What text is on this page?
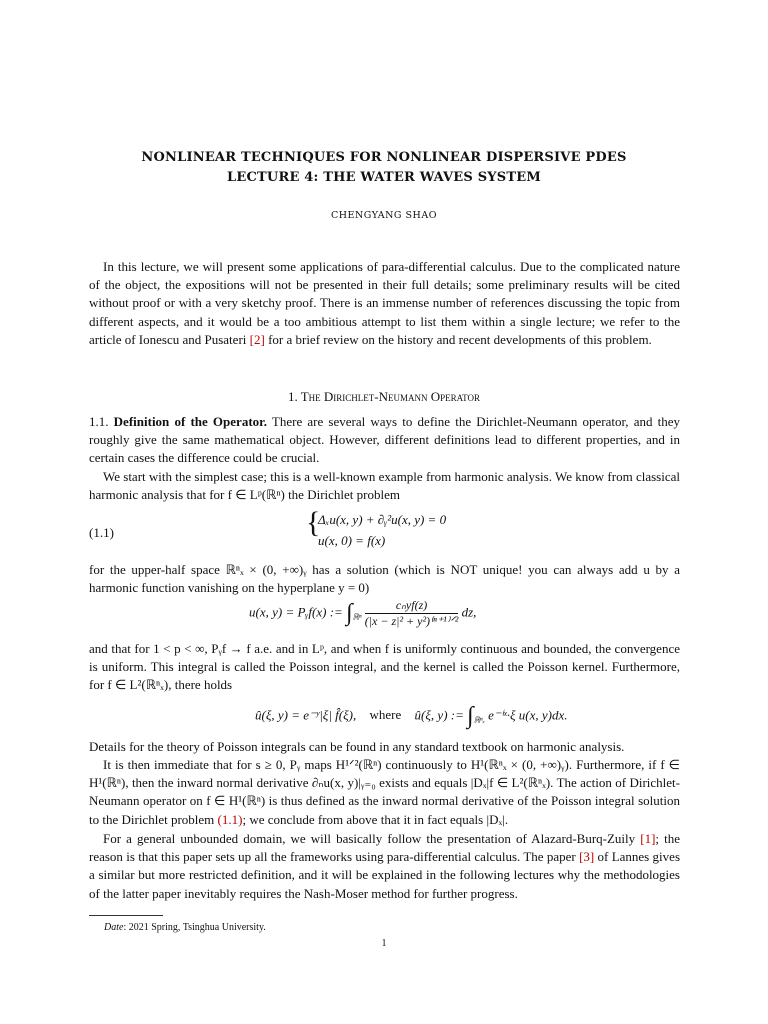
NONLINEAR TECHNIQUES FOR NONLINEAR DISPERSIVE PDES
LECTURE 4: THE WATER WAVES SYSTEM
CHENGYANG SHAO
In this lecture, we will present some applications of para-differential calculus. Due to the complicated nature of the object, the expositions will not be presented in their full details; some preliminary results will be cited without proof or with a very sketchy proof. There is an immense number of references discussing the topic from different aspects, and it would be a too ambitious attempt to list them within a single lecture; we refer to the article of Ionescu and Pusateri [2] for a brief review on the history and recent developments of this problem.
1. The Dirichlet-Neumann Operator
1.1. Definition of the Operator. There are several ways to define the Dirichlet-Neumann operator, and they roughly give the same mathematical object. However, different definitions lead to different properties, and in certain cases the difference could be crucial.
We start with the simplest case; this is a well-known example from harmonic analysis. We know from classical harmonic analysis that for f ∈ Lᵖ(ℝⁿ) the Dirichlet problem
(1.1)	{
Δₓu(x, y) + ∂ᵧ²u(x, y) = 0
u(x, 0) = f(x)
for the upper-half space ℝⁿₓ × (0, +∞)ᵧ has a solution (which is NOT unique! you can always add u by a harmonic function vanishing on the hyperplane y = 0)
u(x, y) = Pᵧf(x) := $\int_{ℝ^n} \frac{\text{cₙyf(z)}}{\text{(|x − z|² + y²)⁽ⁿ⁺¹⁾ᐟ²}}$ dz,
and that for 1 < p < ∞, Pᵧf → f a.e. and in Lᵖ, and when f is uniformly continuous and bounded, the convergence is uniform. This integral is called the Poisson integral, and the kernel is called the Poisson kernel. Furthermore, for f ∈ L²(ℝⁿₓ), there holds
û(ξ, y) = e⁻ʸ|ξ| f̂(ξ), where û(ξ, y) := $\int_{ℝ^n_x}$ e⁻ⁱˣ·ξ u(x, y)dx.
Details for the theory of Poisson integrals can be found in any standard textbook on harmonic analysis.
It is then immediate that for s ≥ 0, Pᵧ maps H¹ᐟ²(ℝⁿ) continuously to H¹(ℝⁿₓ × (0, +∞)ᵧ). Furthermore, if f ∈ H¹(ℝⁿ), then the inward normal derivative ∂ₙu(x, y)|ᵧ₌₀ exists and equals |Dₓ|f ∈ L²(ℝⁿₓ). The action of Dirichlet-Neumann operator on f ∈ H¹(ℝⁿ) is thus defined as the inward normal derivative of the Poisson integral solution to the Dirichlet problem (1.1); we conclude from above that it in fact equals |Dₓ|.
For a general unbounded domain, we will basically follow the presentation of Alazard-Burq-Zuily [1]; the reason is that this paper sets up all the frameworks using para-differential calculus. The paper [3] of Lannes gives a similar but more restricted definition, and it will be explained in the following lectures why the methodologies of the latter paper inevitably requires the Nash-Moser method for further progress.
Date: 2021 Spring, Tsinghua University.
1
